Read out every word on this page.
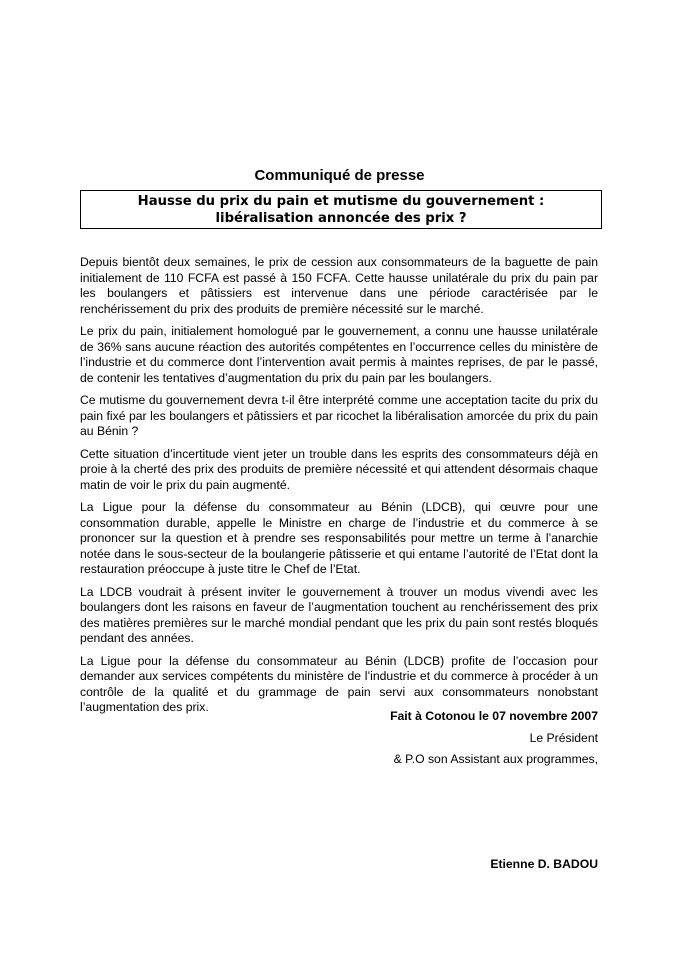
Communiqué de presse
Hausse du prix du pain et mutisme du gouvernement :
libéralisation annoncée des prix ?

Depuis bientôt deux semaines, le prix de cession aux consommateurs de la baguette de pain initialement de 110 FCFA est passé à 150 FCFA. Cette hausse unilatérale du prix du pain par les boulangers et pâtissiers est intervenue dans une période caractérisée par le renchérissement du prix des produits de première nécessité sur le marché.

Le prix du pain, initialement homologué par le gouvernement, a connu une hausse unilatérale de 36% sans aucune réaction des autorités compétentes en l’occurrence celles du ministère de l’industrie et du commerce dont l’intervention avait permis à maintes reprises, de par le passé, de contenir les tentatives d’augmentation du prix du pain par les boulangers.

Ce mutisme du gouvernement devra t-il être interprété comme une acceptation tacite du prix du pain fixé par les boulangers et pâtissiers et par ricochet la libéralisation amorcée du prix du pain au Bénin ?

Cette situation d’incertitude vient jeter un trouble dans les esprits des consommateurs déjà en proie à la cherté des prix des produits de première nécessité et qui attendent désormais chaque matin de voir le prix du pain augmenté.

La Ligue pour la défense du consommateur au Bénin (LDCB), qui œuvre pour une consommation durable, appelle le Ministre en charge de l’industrie et du commerce à se prononcer sur la question et à prendre ses responsabilités pour mettre un terme à l’anarchie notée dans le sous-secteur de la boulangerie pâtisserie et qui entame l’autorité de l’Etat dont la restauration préoccupe à juste titre le Chef de l’Etat.

La LDCB voudrait à présent inviter le gouvernement à trouver un modus vivendi avec les boulangers dont les raisons en faveur de l’augmentation touchent au renchérissement des prix des matières premières sur le marché mondial pendant que les prix du pain sont restés bloqués pendant des années.

La Ligue pour la défense du consommateur au Bénin (LDCB) profite de l’occasion pour demander aux services compétents du ministère de l’industrie et du commerce à procéder à un contrôle de la qualité et du grammage de pain servi aux consommateurs nonobstant l’augmentation des prix.

Fait à Cotonou le 07 novembre 2007
Le Président
& P.O son Assistant aux programmes,
Etienne D. BADOU
